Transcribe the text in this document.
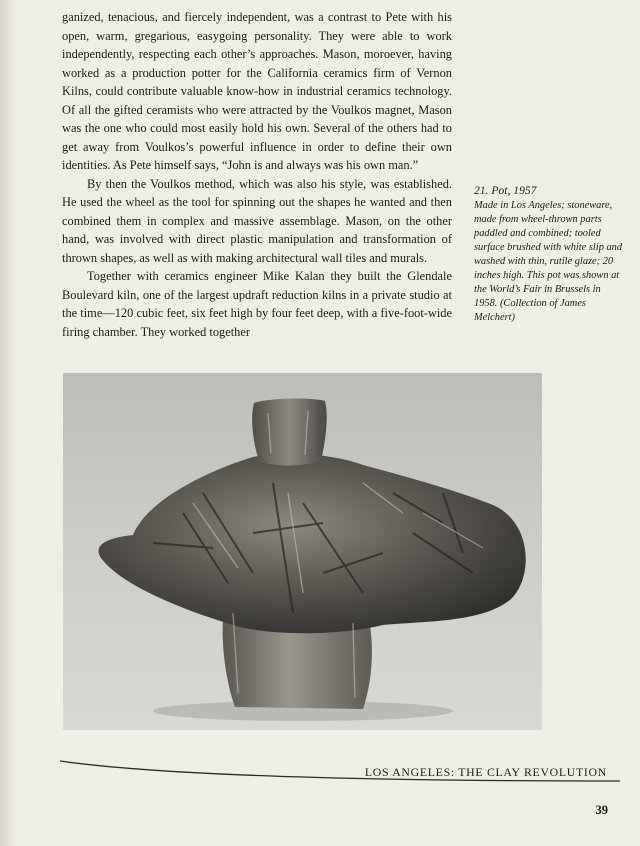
ganized, tenacious, and fiercely independent, was a contrast to Pete with his open, warm, gregarious, easygoing personality. They were able to work independently, respecting each other’s approaches. Mason, moroever, having worked as a production potter for the California ceramics firm of Vernon Kilns, could contribute valuable know-how in industrial ceramics technology. Of all the gifted ceramists who were attracted by the Voulkos magnet, Mason was the one who could most easily hold his own. Several of the others had to get away from Voulkos’s powerful influence in order to define their own identities. As Pete himself says, “John is and always was his own man.”

By then the Voulkos method, which was also his style, was established. He used the wheel as the tool for spinning out the shapes he wanted and then combined them in complex and massive assemblage. Mason, on the other hand, was involved with direct plastic manipulation and transformation of thrown shapes, as well as with making architectural wall tiles and murals.

Together with ceramics engineer Mike Kalan they built the Glendale Boulevard kiln, one of the largest updraft reduction kilns in a private studio at the time—120 cubic feet, six feet high by four feet deep, with a five-foot-wide firing chamber. They worked together

21. Pot, 1957
Made in Los Angeles; stoneware, made from wheel-thrown parts paddled and combined; tooled surface brushed with white slip and washed with thin, rutile glaze; 20 inches high. This pot was shown at the World’s Fair in Brussels in 1958. (Collection of James Melchert)
LOS ANGELES: THE CLAY REVOLUTION
39
